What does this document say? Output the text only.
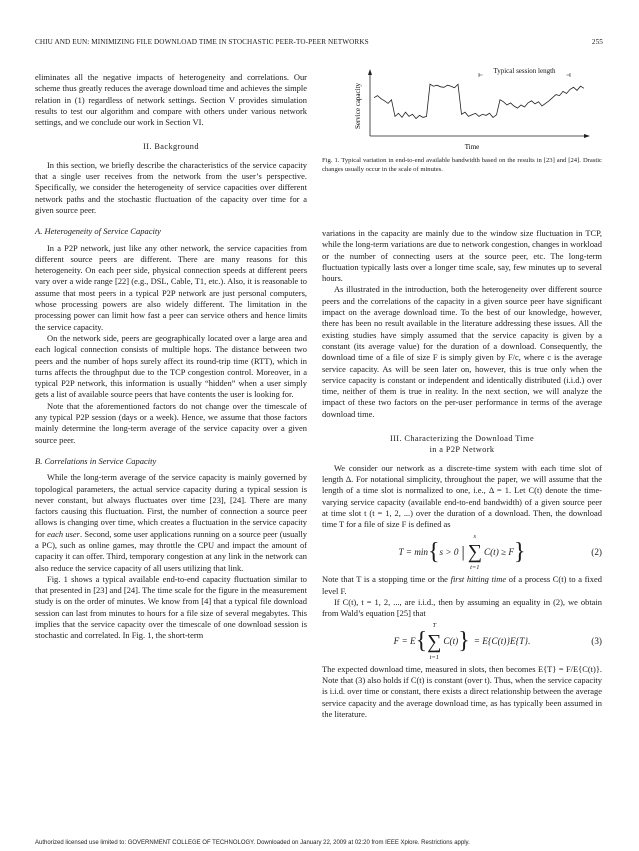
CHIU AND EUN: MINIMIZING FILE DOWNLOAD TIME IN STOCHASTIC PEER-TO-PEER NETWORKS	255

eliminates all the negative impacts of heterogeneity and correlations. Our scheme thus greatly reduces the average download time and achieves the simple relation in (1) regardless of network settings. Section V provides simulation results to test our algorithm and compare with others under various network settings, and we conclude our work in Section VI.

II. Background

In this section, we briefly describe the characteristics of the service capacity that a single user receives from the network from the user’s perspective. Specifically, we consider the heterogeneity of service capacities over different network paths and the stochastic fluctuation of the capacity over time for a given source peer.

A. Heterogeneity of Service Capacity

In a P2P network, just like any other network, the service capacities from different source peers are different. There are many reasons for this heterogeneity. On each peer side, physical connection speeds at different peers vary over a wide range [22] (e.g., DSL, Cable, T1, etc.). Also, it is reasonable to assume that most peers in a typical P2P network are just personal computers, whose processing powers are also widely different. The limitation in the processing power can limit how fast a peer can service others and hence limits the service capacity.

On the network side, peers are geographically located over a large area and each logical connection consists of multiple hops. The distance between two peers and the number of hops surely affect its round-trip time (RTT), which in turns affects the throughput due to the TCP congestion control. Moreover, in a typical P2P network, this information is usually “hidden” when a user simply gets a list of available source peers that have contents the user is looking for.

Note that the aforementioned factors do not change over the timescale of any typical P2P session (days or a week). Hence, we assume that those factors mainly determine the long-term average of the service capacity over a given source peer.

B. Correlations in Service Capacity

While the long-term average of the service capacity is mainly governed by topological parameters, the actual service capacity during a typical session is never constant, but always fluctuates over time [23], [24]. There are many factors causing this fluctuation. First, the number of connection a source peer allows is changing over time, which creates a fluctuation in the service capacity for each user. Second, some user applications running on a source peer (usually a PC), such as online games, may throttle the CPU and impact the amount of capacity it can offer. Third, temporary congestion at any link in the network can also reduce the service capacity of all users utilizing that link.

Fig. 1 shows a typical available end-to-end capacity fluctuation similar to that presented in [23] and [24]. The time scale for the figure in the measurement study is on the order of minutes. We know from [4] that a typical file download session can last from minutes to hours for a file size of several megabytes. This implies that the service capacity over the timescale of one download session is stochastic and correlated. In Fig. 1, the short-term

Service capacity
Typical session length
Time
Fig. 1. Typical variation in end-to-end available bandwidth based on the results in [23] and [24]. Drastic changes usually occur in the scale of minutes.

variations in the capacity are mainly due to the window size fluctuation in TCP, while the long-term variations are due to network congestion, changes in workload or the number of connecting users at the source peer, etc. The long-term fluctuation typically lasts over a longer time scale, say, few minutes up to several hours.

As illustrated in the introduction, both the heterogeneity over different source peers and the correlations of the capacity in a given source peer have significant impact on the average download time. To the best of our knowledge, however, there has been no result available in the literature addressing these issues. All the existing studies have simply assumed that the service capacity is given by a constant (its average value) for the duration of a download. Consequently, the download time of a file of size F is simply given by F/c, where c is the average service capacity. As will be seen later on, however, this is true only when the service capacity is constant or independent and identically distributed (i.i.d.) over time, neither of them is true in reality. In the next section, we will analyze the impact of these two factors on the per-user performance in terms of the average download time.

III. Characterizing the Download Time
in a P2P Network

We consider our network as a discrete-time system with each time slot of length Δ. For notational simplicity, throughout the paper, we will assume that the length of a time slot is normalized to one, i.e., Δ = 1. Let C(t) denote the time-varying service capacity (available end-to-end bandwidth) of a given source peer at time slot t (t = 1, 2, ...) over the duration of a download. Then, the download time T for a file of size F is defined as

T = min { s > 0 |
s
∑
t=1
C(t) ≥ F }	(2)

Note that T is a stopping time or the first hitting time of a process C(t) to a fixed level F.

If C(t), t = 1, 2, ..., are i.i.d., then by assuming an equality in (2), we obtain from Wald’s equation [25] that

F = E {
T
∑
t=1
C(t) } = E{C(t)}E{T}.	(3)

The expected download time, measured in slots, then becomes E{T} = F/E{C(t)}. Note that (3) also holds if C(t) is constant (over t). Thus, when the service capacity is i.i.d. over time or constant, there exists a direct relationship between the average service capacity and the average download time, as has typically been assumed in the literature.

Authorized licensed use limited to: GOVERNMENT COLLEGE OF TECHNOLOGY. Downloaded on January 22, 2009 at 02:20 from IEEE Xplore. Restrictions apply.
